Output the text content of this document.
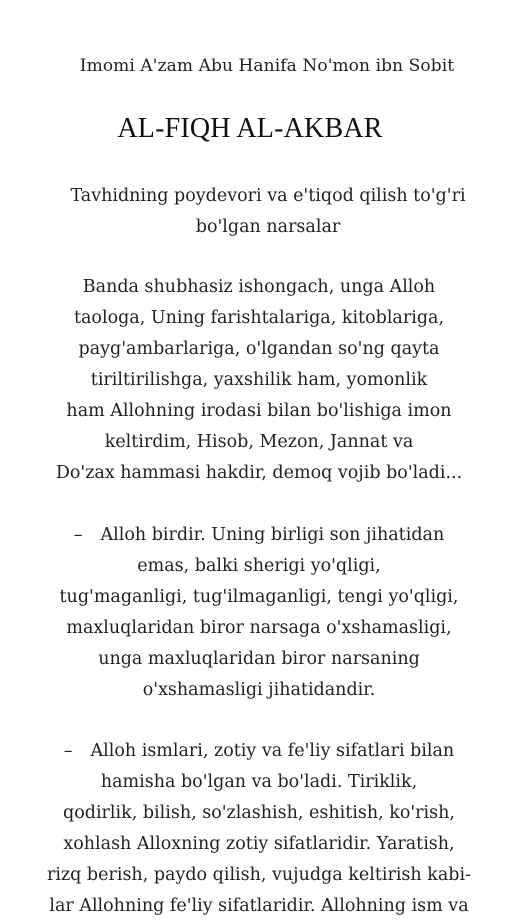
Imomi A'zam Abu Hanifa No'mon ibn Sobit
AL-FIQH AL-AKBAR
Tavhidning poydevori va e'tiqod qilish to'g'ri
bo'lgan narsalar
Banda shubhasiz ishongach, unga Alloh
taologa, Uning farishtalariga, kitoblariga,
payg'ambarlariga, o'lgandan so'ng qayta
tiriltirilishga, yaxshilik ham, yomonlik
ham Allohning irodasi bilan bo'lishiga imon
keltirdim, Hisob, Mezon, Jannat va
Do'zax hammasi hakdir, demoq vojib bo'ladi...
– Alloh birdir. Uning birligi son jihatidan
emas, balki sherigi yo'qligi,
tug'maganligi, tug'ilmaganligi, tengi yo'qligi,
maxluqlaridan biror narsaga o'xshamasligi,
unga maxluqlaridan biror narsaning
o'xshamasligi jihatidandir.
– Alloh ismlari, zotiy va fe'liy sifatlari bilan
hamisha bo'lgan va bo'ladi. Tiriklik,
qodirlik, bilish, so'zlashish, eshitish, ko'rish,
xohlash Alloxning zotiy sifatlaridir. Yaratish,
rizq berish, paydo qilish, vujudga keltirish kabi-
lar Allohning fe'liy sifatlaridir. Allohning ism va
